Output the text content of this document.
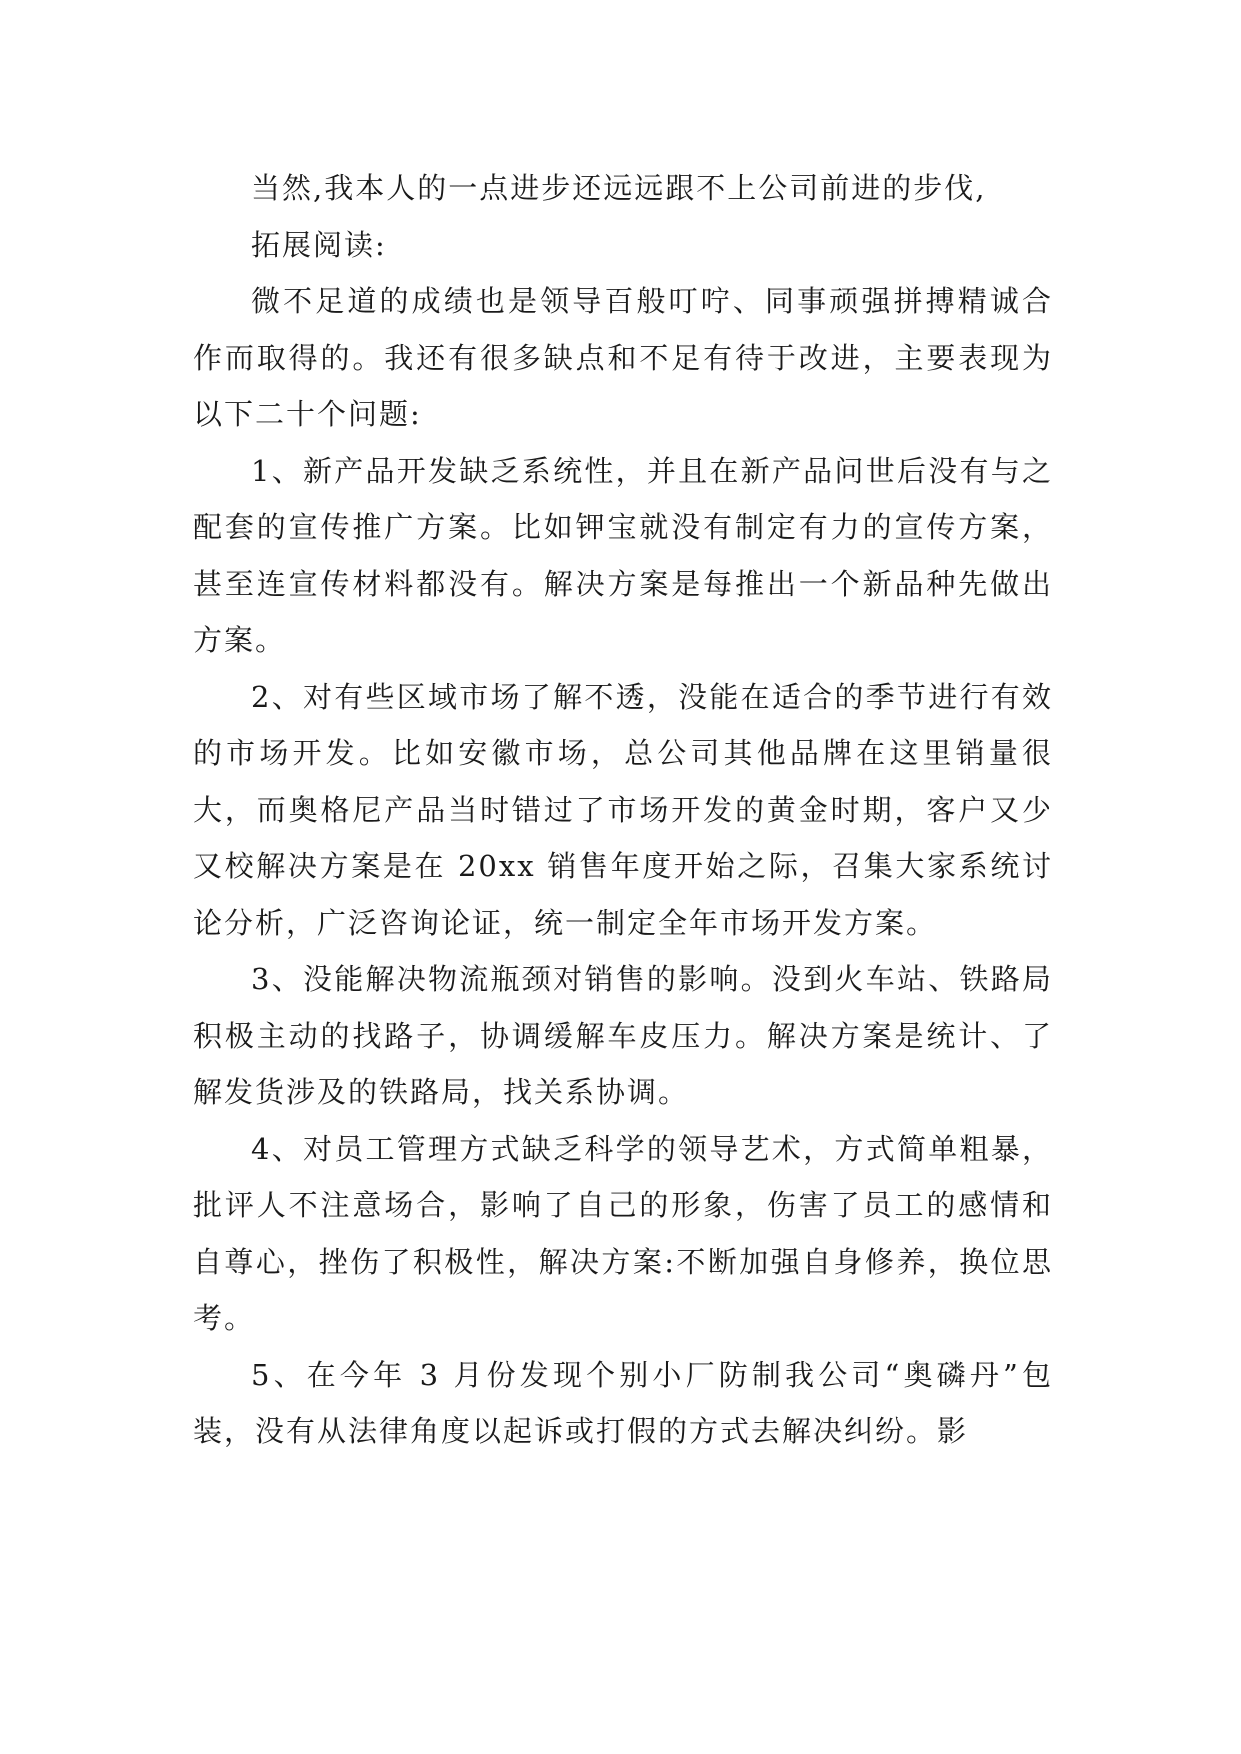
当然,我本人的一点进步还远远跟不上公司前进的步伐,

拓展阅读:

微不足道的成绩也是领导百般叮咛、同事顽强拼搏精诚合作而取得的。我还有很多缺点和不足有待于改进，主要表现为以下二十个问题:

1、新产品开发缺乏系统性，并且在新产品问世后没有与之配套的宣传推广方案。比如钾宝就没有制定有力的宣传方案，甚至连宣传材料都没有。解决方案是每推出一个新品种先做出方案。

2、对有些区域市场了解不透，没能在适合的季节进行有效的市场开发。比如安徽市场，总公司其他品牌在这里销量很大，而奥格尼产品当时错过了市场开发的黄金时期，客户又少又校解决方案是在 20xx 销售年度开始之际，召集大家系统讨论分析，广泛咨询论证，统一制定全年市场开发方案。

3、没能解决物流瓶颈对销售的影响。没到火车站、铁路局积极主动的找路子，协调缓解车皮压力。解决方案是统计、了解发货涉及的铁路局，找关系协调。

4、对员工管理方式缺乏科学的领导艺术，方式简单粗暴，批评人不注意场合，影响了自己的形象，伤害了员工的感情和自尊心，挫伤了积极性，解决方案:不断加强自身修养，换位思考。

5、在今年 3 月份发现个别小厂防制我公司“奥磷丹”包装，没有从法律角度以起诉或打假的方式去解决纠纷。影
